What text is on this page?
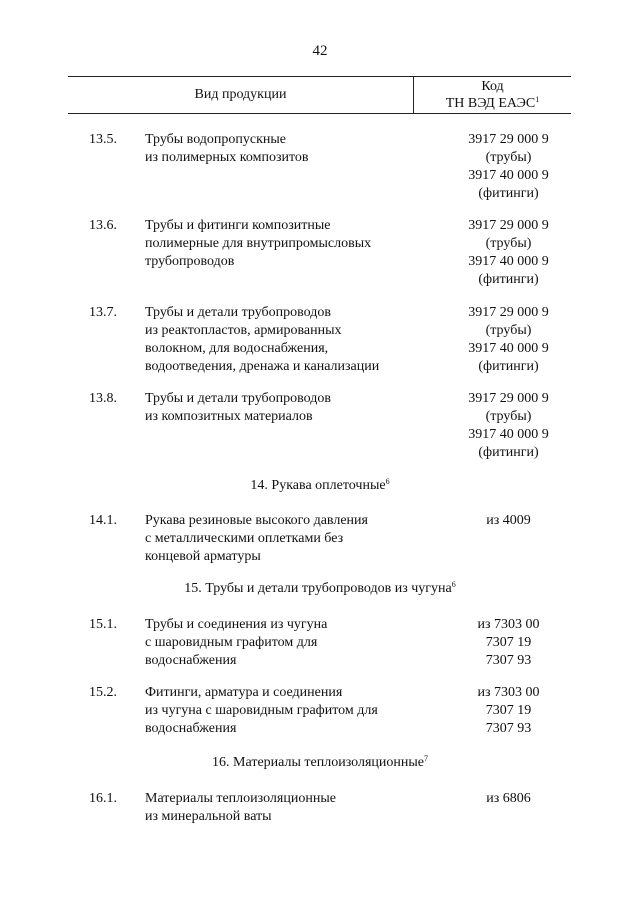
42
Вид продукции
Код
ТН ВЭД ЕАЭС$^1$
13.5. Трубы водопропускные
из полимерных композитов
3917 29 000 9
(трубы)
3917 40 000 9
(фитинги)
13.6. Трубы и фитинги композитные
полимерные для внутрипромысловых
трубопроводов
3917 29 000 9
(трубы)
3917 40 000 9
(фитинги)
13.7. Трубы и детали трубопроводов
из реактопластов, армированных
волокном, для водоснабжения,
водоотведения, дренажа и канализации
3917 29 000 9
(трубы)
3917 40 000 9
(фитинги)
13.8. Трубы и детали трубопроводов
из композитных материалов
3917 29 000 9
(трубы)
3917 40 000 9
(фитинги)
14. Рукава оплеточные$^6$
14.1. Рукава резиновые высокого давления
с металлическими оплетками без
концевой арматуры
из 4009
15. Трубы и детали трубопроводов из чугуна$^6$
15.1. Трубы и соединения из чугуна
с шаровидным графитом для
водоснабжения
из 7303 00
7307 19
7307 93
15.2. Фитинги, арматура и соединения
из чугуна с шаровидным графитом для
водоснабжения
из 7303 00
7307 19
7307 93
16. Материалы теплоизоляционные$^7$
16.1. Материалы теплоизоляционные
из минеральной ваты
из 6806
